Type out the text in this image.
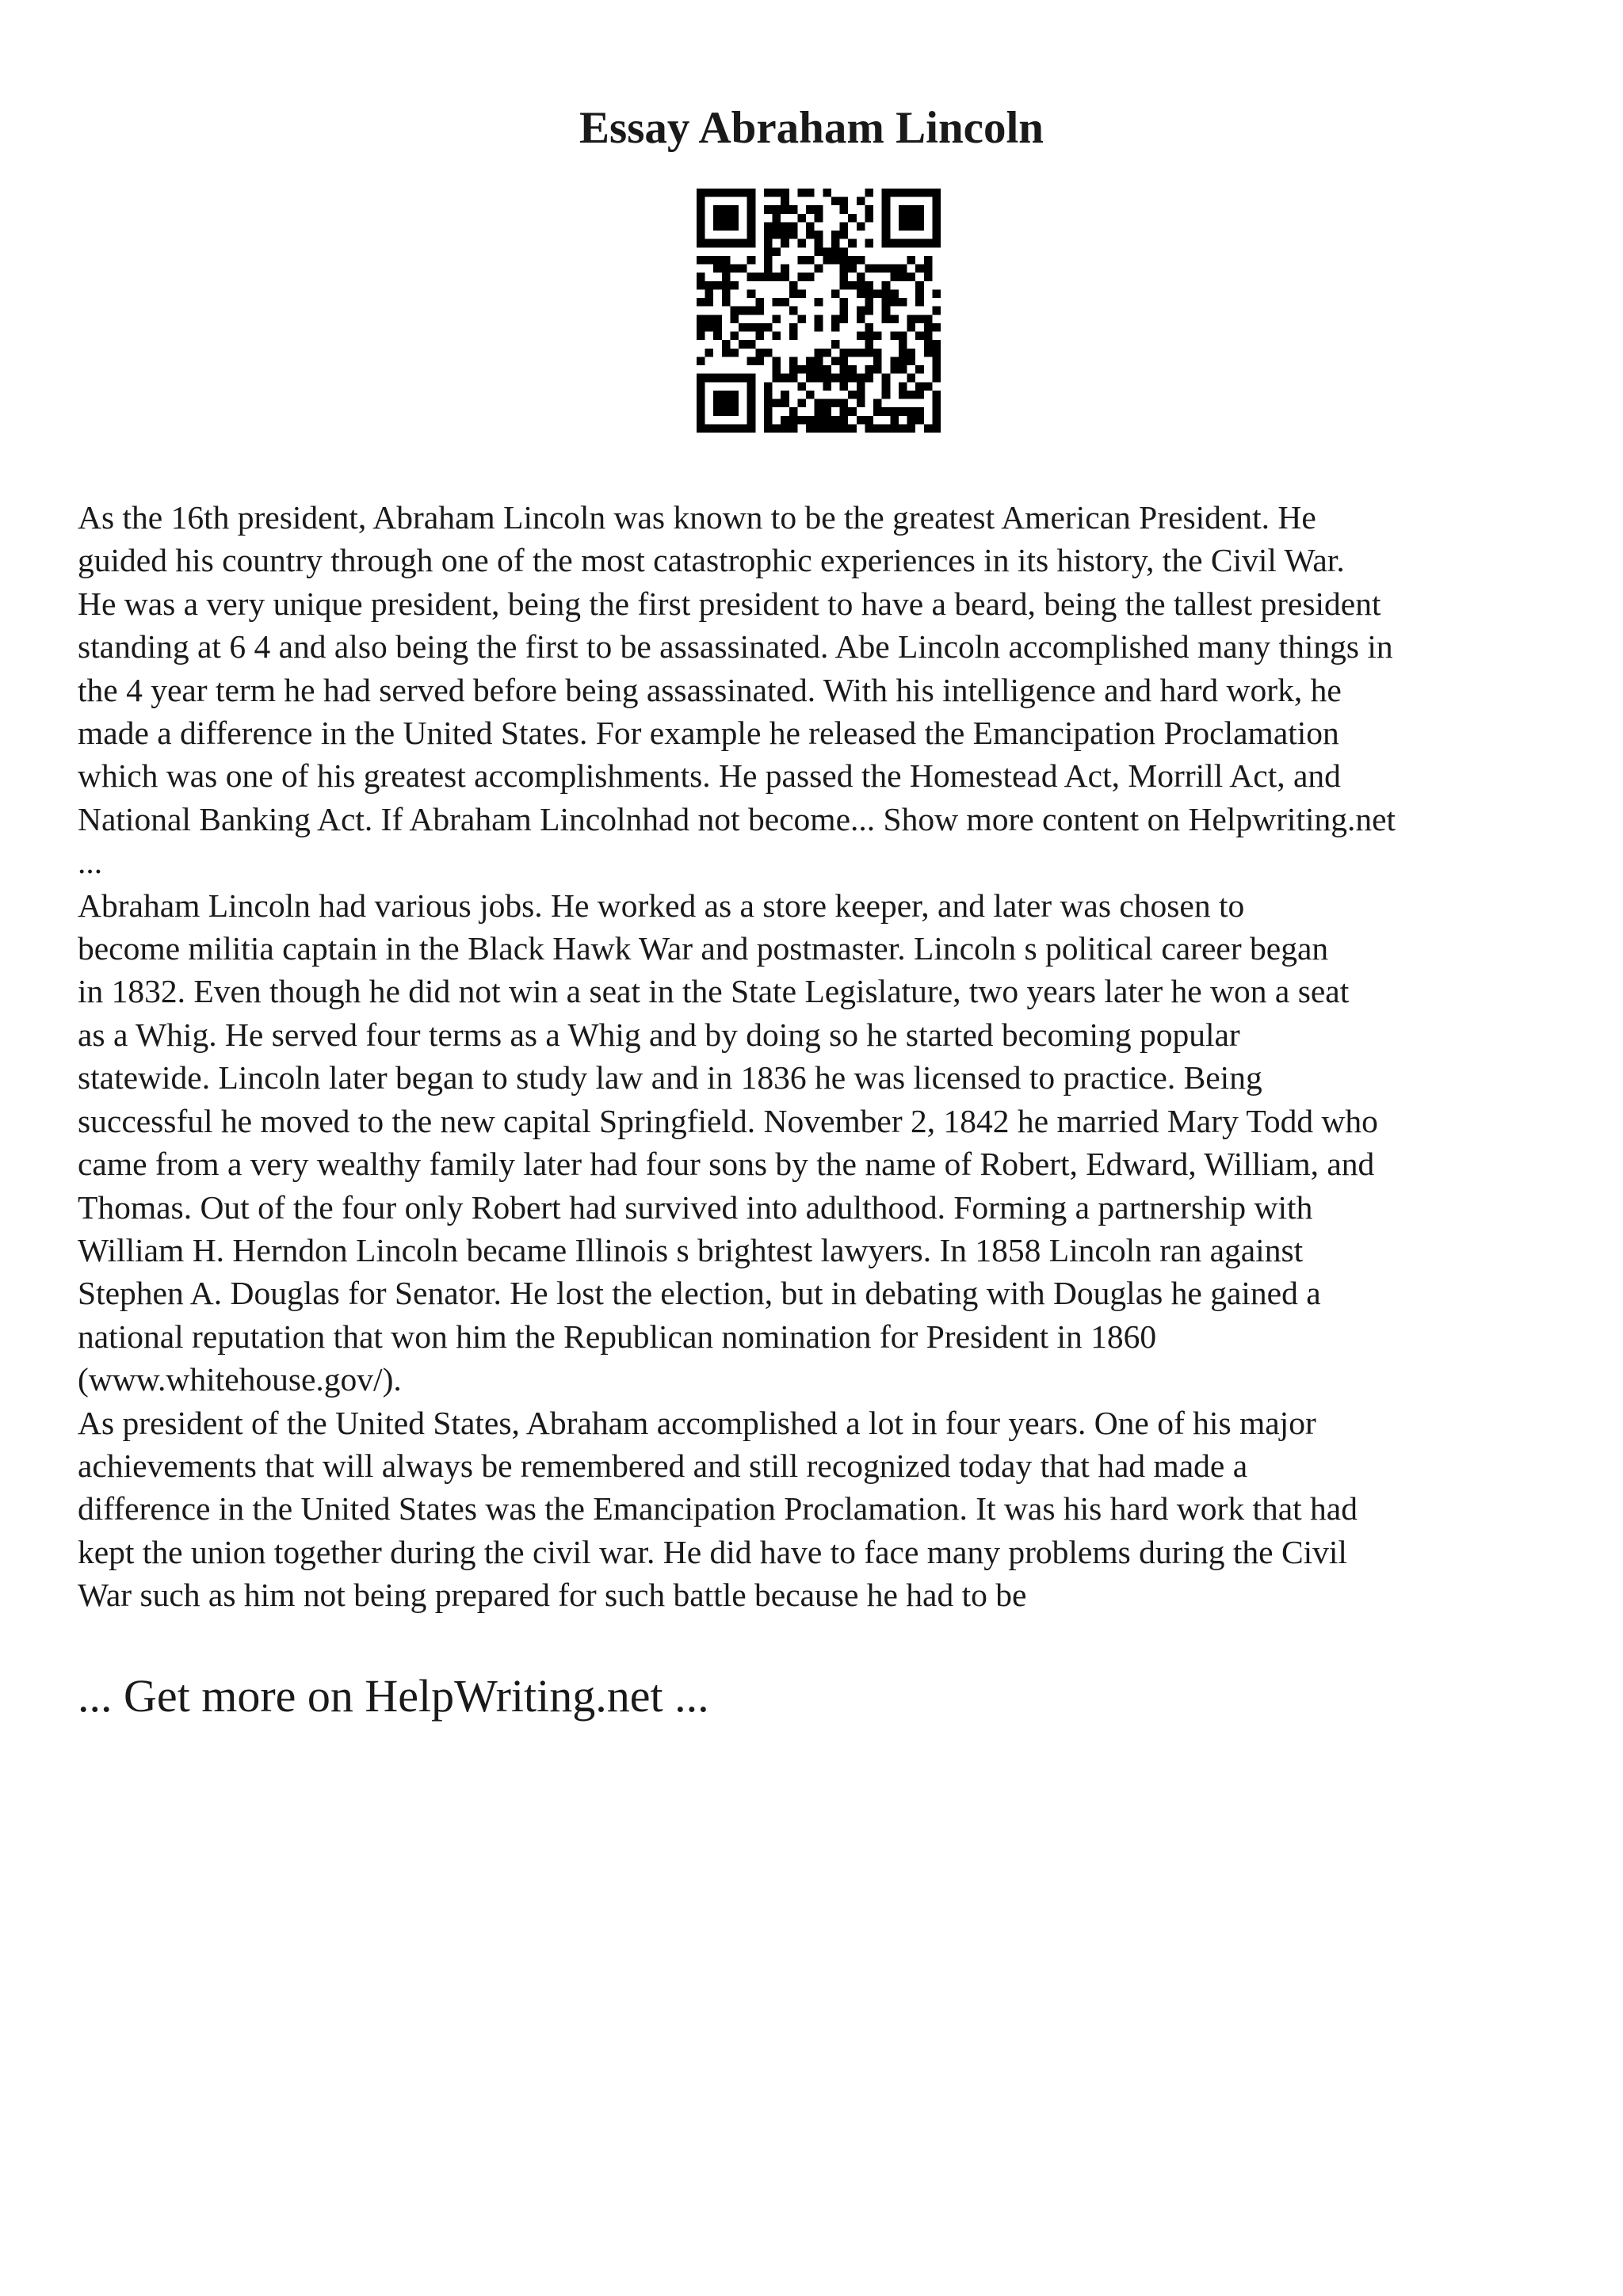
Essay Abraham Lincoln
As the 16th president, Abraham Lincoln was known to be the greatest American President. He
guided his country through one of the most catastrophic experiences in its history, the Civil War.
He was a very unique president, being the first president to have a beard, being the tallest president
standing at 6 4 and also being the first to be assassinated. Abe Lincoln accomplished many things in
the 4 year term he had served before being assassinated. With his intelligence and hard work, he
made a difference in the United States. For example he released the Emancipation Proclamation
which was one of his greatest accomplishments. He passed the Homestead Act, Morrill Act, and
National Banking Act. If Abraham Lincolnhad not become... Show more content on Helpwriting.net
...
Abraham Lincoln had various jobs. He worked as a store keeper, and later was chosen to
become militia captain in the Black Hawk War and postmaster. Lincoln s political career began
in 1832. Even though he did not win a seat in the State Legislature, two years later he won a seat
as a Whig. He served four terms as a Whig and by doing so he started becoming popular
statewide. Lincoln later began to study law and in 1836 he was licensed to practice. Being
successful he moved to the new capital Springfield. November 2, 1842 he married Mary Todd who
came from a very wealthy family later had four sons by the name of Robert, Edward, William, and
Thomas. Out of the four only Robert had survived into adulthood. Forming a partnership with
William H. Herndon Lincoln became Illinois s brightest lawyers. In 1858 Lincoln ran against
Stephen A. Douglas for Senator. He lost the election, but in debating with Douglas he gained a
national reputation that won him the Republican nomination for President in 1860
(www.whitehouse.gov/).
As president of the United States, Abraham accomplished a lot in four years. One of his major
achievements that will always be remembered and still recognized today that had made a
difference in the United States was the Emancipation Proclamation. It was his hard work that had
kept the union together during the civil war. He did have to face many problems during the Civil
War such as him not being prepared for such battle because he had to be
... Get more on HelpWriting.net ...
